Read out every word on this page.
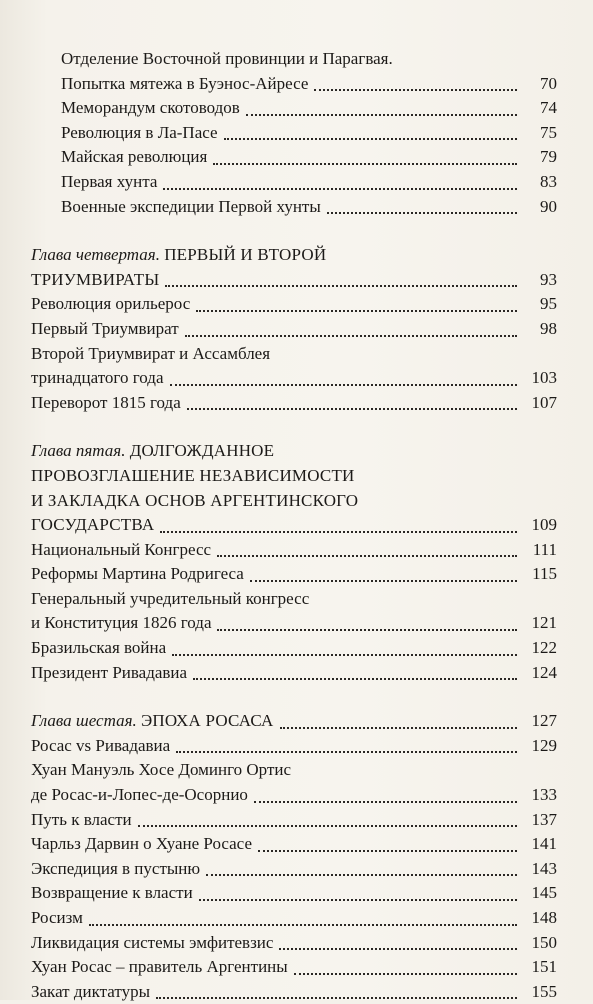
Отделение Восточной провинции и Парагвая.
Попытка мятежа в Буэнос-Айресе	70
Меморандум скотоводов	74
Революция в Ла-Пасе	75
Майская революция	79
Первая хунта	83
Военные экспедиции Первой хунты	90
Глава четвертая. ПЕРВЫЙ И ВТОРОЙ
ТРИУМВИРАТЫ	93
Революция орильерос	95
Первый Триумвират	98
Второй Триумвират и Ассамблея
тринадцатого года	103
Переворот 1815 года	107
Глава пятая. ДОЛГОЖДАННОЕ
ПРОВОЗГЛАШЕНИЕ НЕЗАВИСИМОСТИ
И ЗАКЛАДКА ОСНОВ АРГЕНТИНСКОГО
ГОСУДАРСТВА	109
Национальный Конгресс	111
Реформы Мартина Родригеса	115
Генеральный учредительный конгресс
и Конституция 1826 года	121
Бразильская война	122
Президент Ривадавиа	124
Глава шестая. ЭПОХА РОСАСА	127
Росас vs Ривадавиа	129
Хуан Мануэль Хосе Доминго Ортис
де Росас-и-Лопес-де-Осорнио	133
Путь к власти	137
Чарльз Дарвин о Хуане Росасе	141
Экспедиция в пустыню	143
Возвращение к власти	145
Росизм	148
Ликвидация системы эмфитевзис	150
Хуан Росас – правитель Аргентины	151
Закат диктатуры	155
